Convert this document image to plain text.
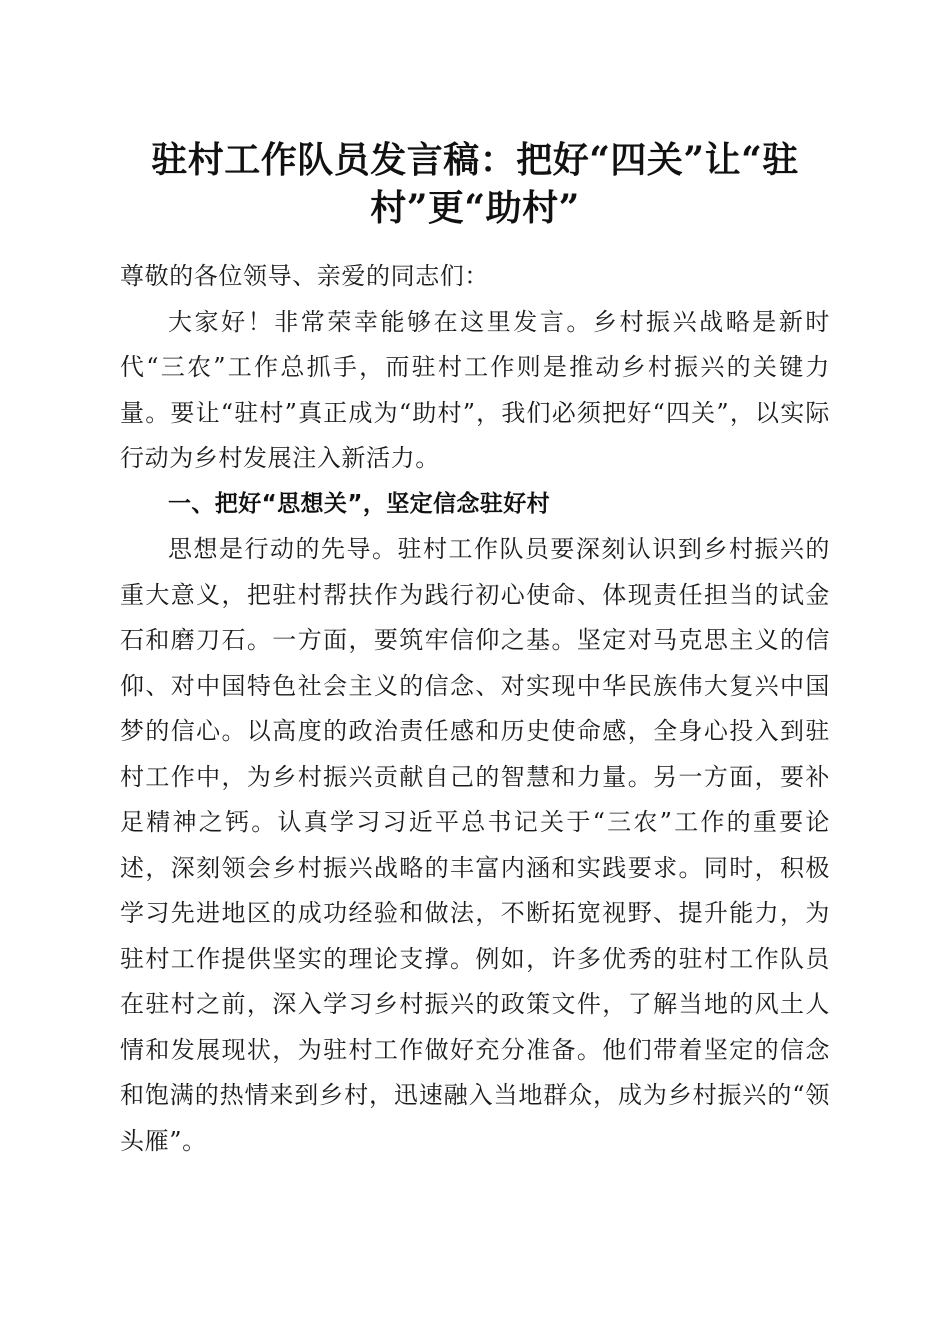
驻村工作队员发言稿：把好“四关”让“驻村”更“助村”

尊敬的各位领导、亲爱的同志们：

大家好！非常荣幸能够在这里发言。乡村振兴战略是新时代“三农”工作总抓手，而驻村工作则是推动乡村振兴的关键力量。要让“驻村”真正成为“助村”，我们必须把好“四关”，以实际行动为乡村发展注入新活力。

一、把好“思想关”，坚定信念驻好村

思想是行动的先导。驻村工作队员要深刻认识到乡村振兴的重大意义，把驻村帮扶作为践行初心使命、体现责任担当的试金石和磨刀石。一方面，要筑牢信仰之基。坚定对马克思主义的信仰、对中国特色社会主义的信念、对实现中华民族伟大复兴中国梦的信心。以高度的政治责任感和历史使命感，全身心投入到驻村工作中，为乡村振兴贡献自己的智慧和力量。另一方面，要补足精神之钙。认真学习习近平总书记关于“三农”工作的重要论述，深刻领会乡村振兴战略的丰富内涵和实践要求。同时，积极学习先进地区的成功经验和做法，不断拓宽视野、提升能力，为驻村工作提供坚实的理论支撑。例如，许多优秀的驻村工作队员在驻村之前，深入学习乡村振兴的政策文件，了解当地的风土人情和发展现状，为驻村工作做好充分准备。他们带着坚定的信念和饱满的热情来到乡村，迅速融入当地群众，成为乡村振兴的“领头雁”。
